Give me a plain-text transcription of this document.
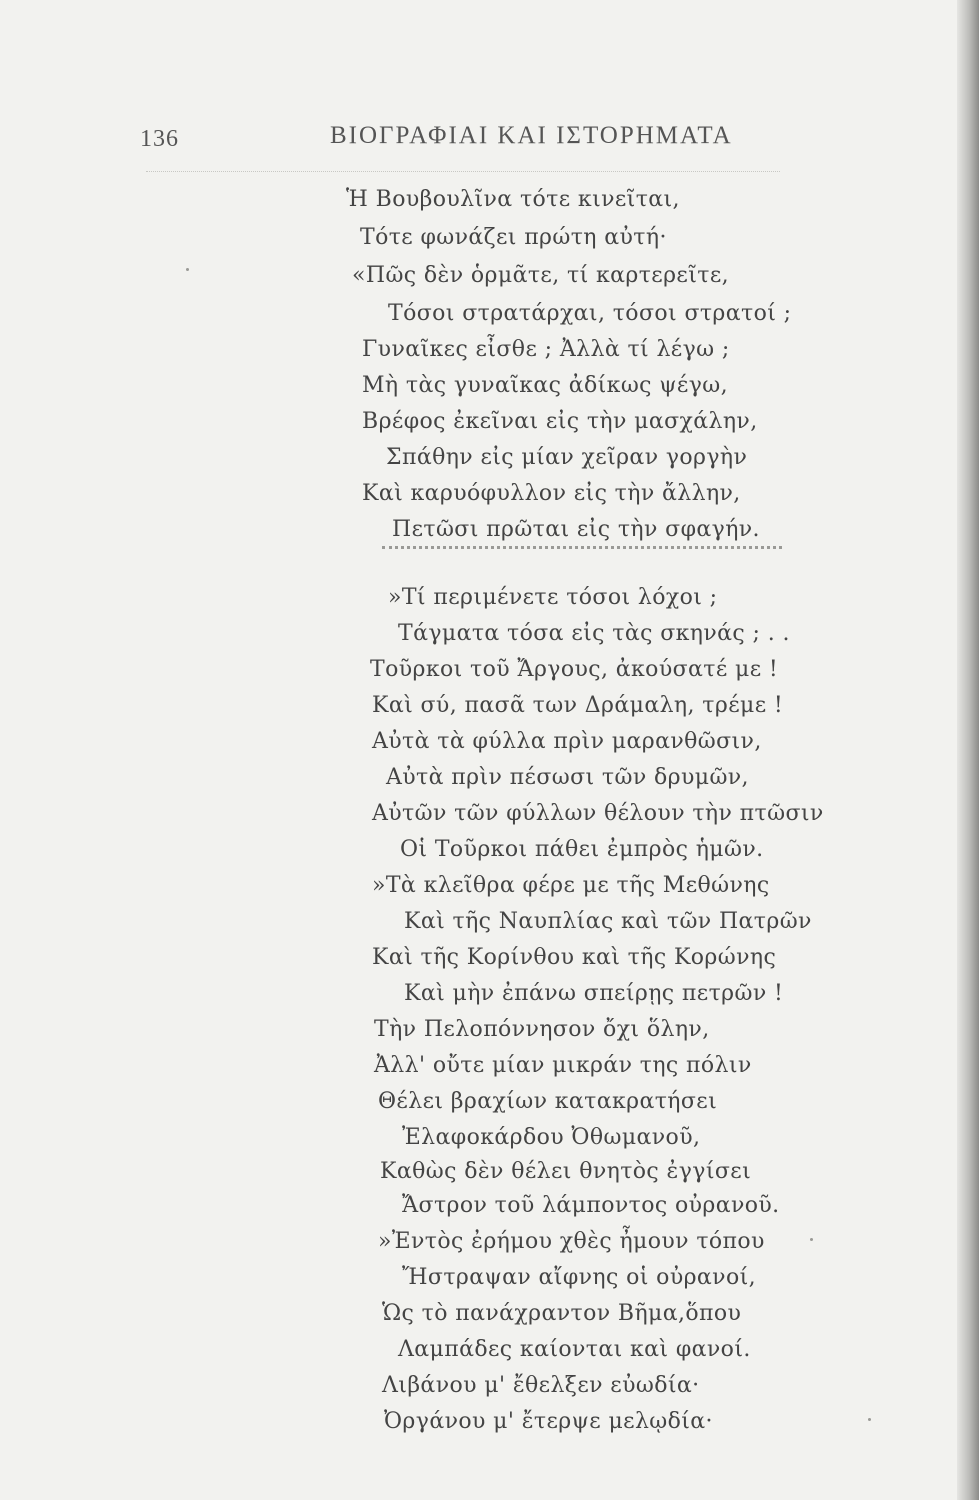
136	ΒΙΟΓΡΑΦΙΑΙ ΚΑΙ ΙΣΤΟΡΗΜΑΤΑ
Ἡ Βουβουλῖνα τότε κινεῖται,
Τότε φωνάζει πρώτη αὐτή·
«Πῶς δὲν ὁρμᾶτε, τί καρτερεῖτε,
Τόσοι στρατάρχαι, τόσοι στρατοί ;
Γυναῖκες εἶσθε ; Ἀλλὰ τί λέγω ;
Μὴ τὰς γυναῖκας ἀδίκως ψέγω,
Βρέφος ἐκεῖναι εἰς τὴν μασχάλην,
Σπάθην εἰς μίαν χεῖραν γοργὴν
Καὶ καρυόφυλλον εἰς τὴν ἄλλην,
Πετῶσι πρῶται εἰς τὴν σφαγήν.
»Τί περιμένετε τόσοι λόχοι ;
Τάγματα τόσα εἰς τὰς σκηνάς ; . .
Τοῦρκοι τοῦ Ἄργους, ἀκούσατέ με !
Καὶ σύ, πασᾶ των Δράμαλη, τρέμε !
Αὐτὰ τὰ φύλλα πρὶν μαρανθῶσιν,
Αὐτὰ πρὶν πέσωσι τῶν δρυμῶν,
Αὐτῶν τῶν φύλλων θέλουν τὴν πτῶσιν
Οἱ Τοῦρκοι πάθει ἐμπρὸς ἡμῶν.
»Τὰ κλεῖθρα φέρε με τῆς Μεθώνης
Καὶ τῆς Ναυπλίας καὶ τῶν Πατρῶν
Καὶ τῆς Κορίνθου καὶ τῆς Κορώνης
Καὶ μὴν ἐπάνω σπείρῃς πετρῶν !
Τὴν Πελοπόννησον ὄχι ὅλην,
Ἀλλ' οὔτε μίαν μικράν της πόλιν
Θέλει βραχίων κατακρατήσει
Ἐλαφοκάρδου Ὀθωμανοῦ,
Καθὼς δὲν θέλει θνητὸς ἐγγίσει
Ἄστρον τοῦ λάμποντος οὐρανοῦ.
»Ἐντὸς ἐρήμου χθὲς ἦμουν τόπου
Ἤστραψαν αἴφνης οἱ οὐρανοί,
Ὡς τὸ πανάχραντον Βῆμα,ὅπου
Λαμπάδες καίονται καὶ φανοί.
Λιβάνου μ' ἔθελξεν εὐωδία·
Ὀργάνου μ' ἔτερψε μελῳδία·
